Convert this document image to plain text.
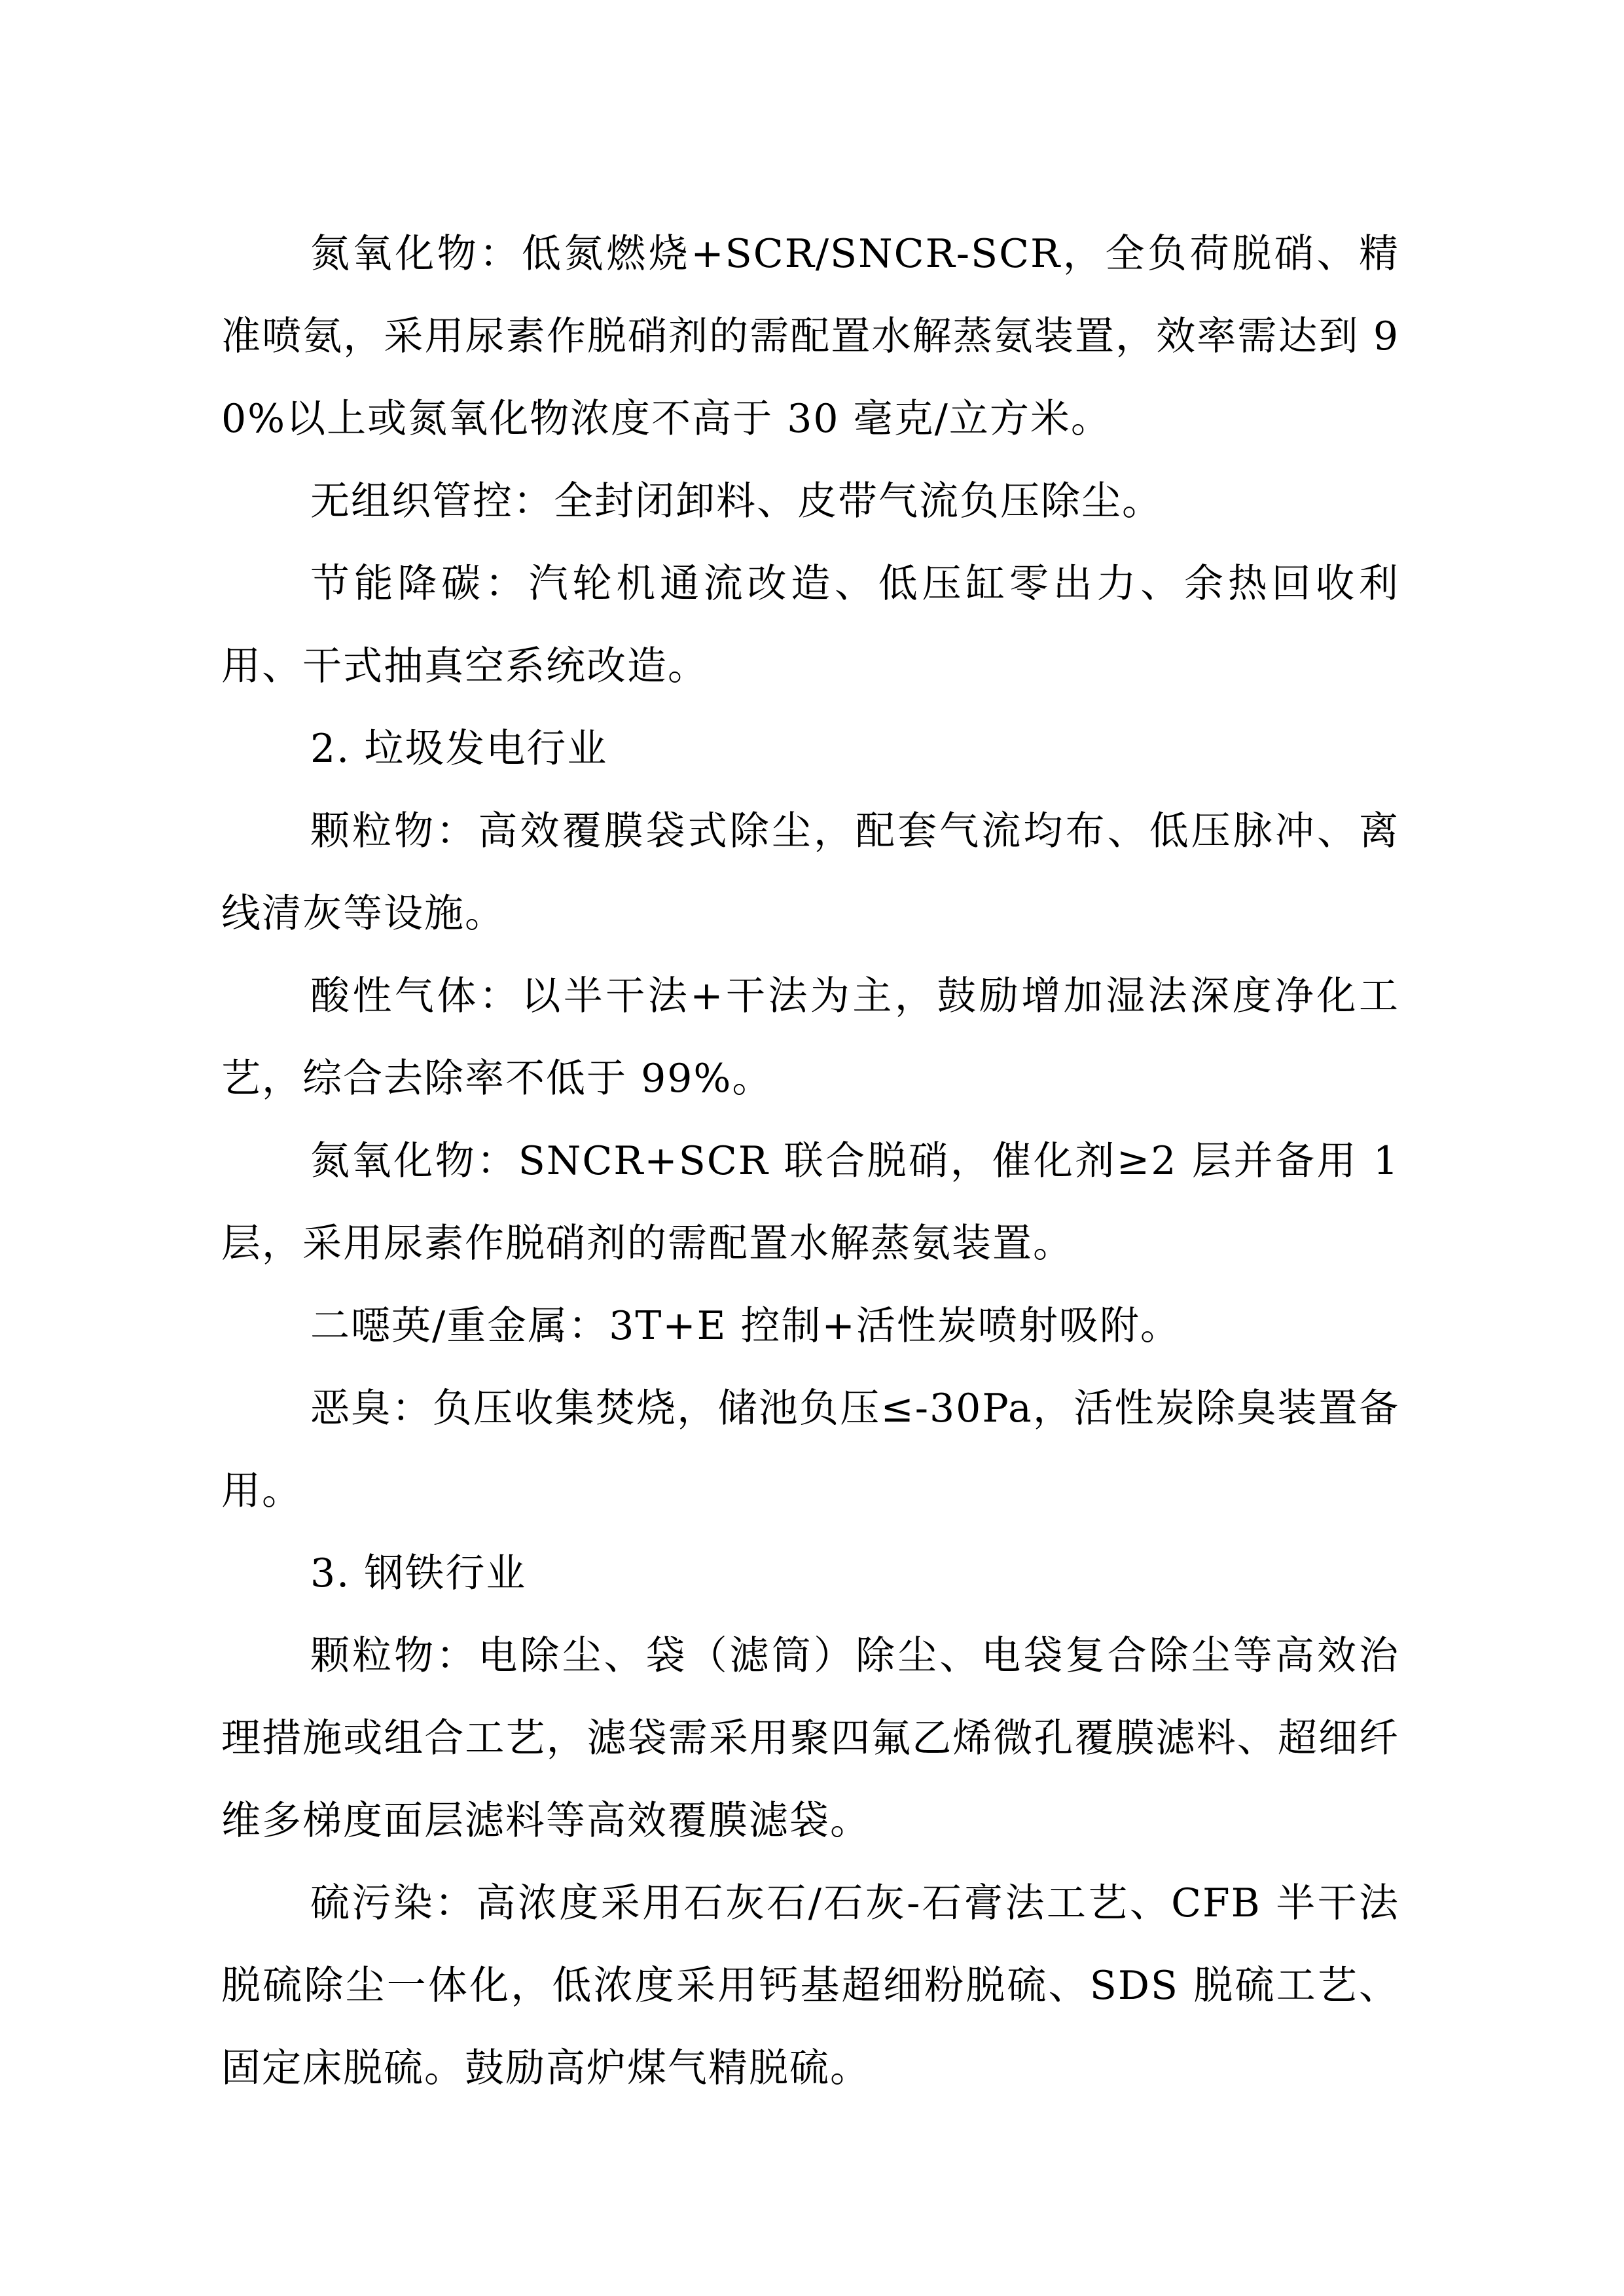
氮氧化物：低氮燃烧+SCR/SNCR-SCR，全负荷脱硝、精准喷氨，采用尿素作脱硝剂的需配置水解蒸氨装置，效率需达到 90%以上或氮氧化物浓度不高于 30 毫克/立方米。

无组织管控：全封闭卸料、皮带气流负压除尘。

节能降碳：汽轮机通流改造、低压缸零出力、余热回收利用、干式抽真空系统改造。

2. 垃圾发电行业

颗粒物：高效覆膜袋式除尘，配套气流均布、低压脉冲、离线清灰等设施。

酸性气体：以半干法+干法为主，鼓励增加湿法深度净化工艺，综合去除率不低于 99%。

氮氧化物：SNCR+SCR 联合脱硝，催化剂≥2 层并备用 1 层，采用尿素作脱硝剂的需配置水解蒸氨装置。

二噁英/重金属：3T+E 控制+活性炭喷射吸附。

恶臭：负压收集焚烧，储池负压≤-30Pa，活性炭除臭装置备用。

3. 钢铁行业

颗粒物：电除尘、袋（滤筒）除尘、电袋复合除尘等高效治理措施或组合工艺，滤袋需采用聚四氟乙烯微孔覆膜滤料、超细纤维多梯度面层滤料等高效覆膜滤袋。

硫污染：高浓度采用石灰石/石灰-石膏法工艺、CFB 半干法脱硫除尘一体化，低浓度采用钙基超细粉脱硫、SDS 脱硫工艺、固定床脱硫。鼓励高炉煤气精脱硫。
